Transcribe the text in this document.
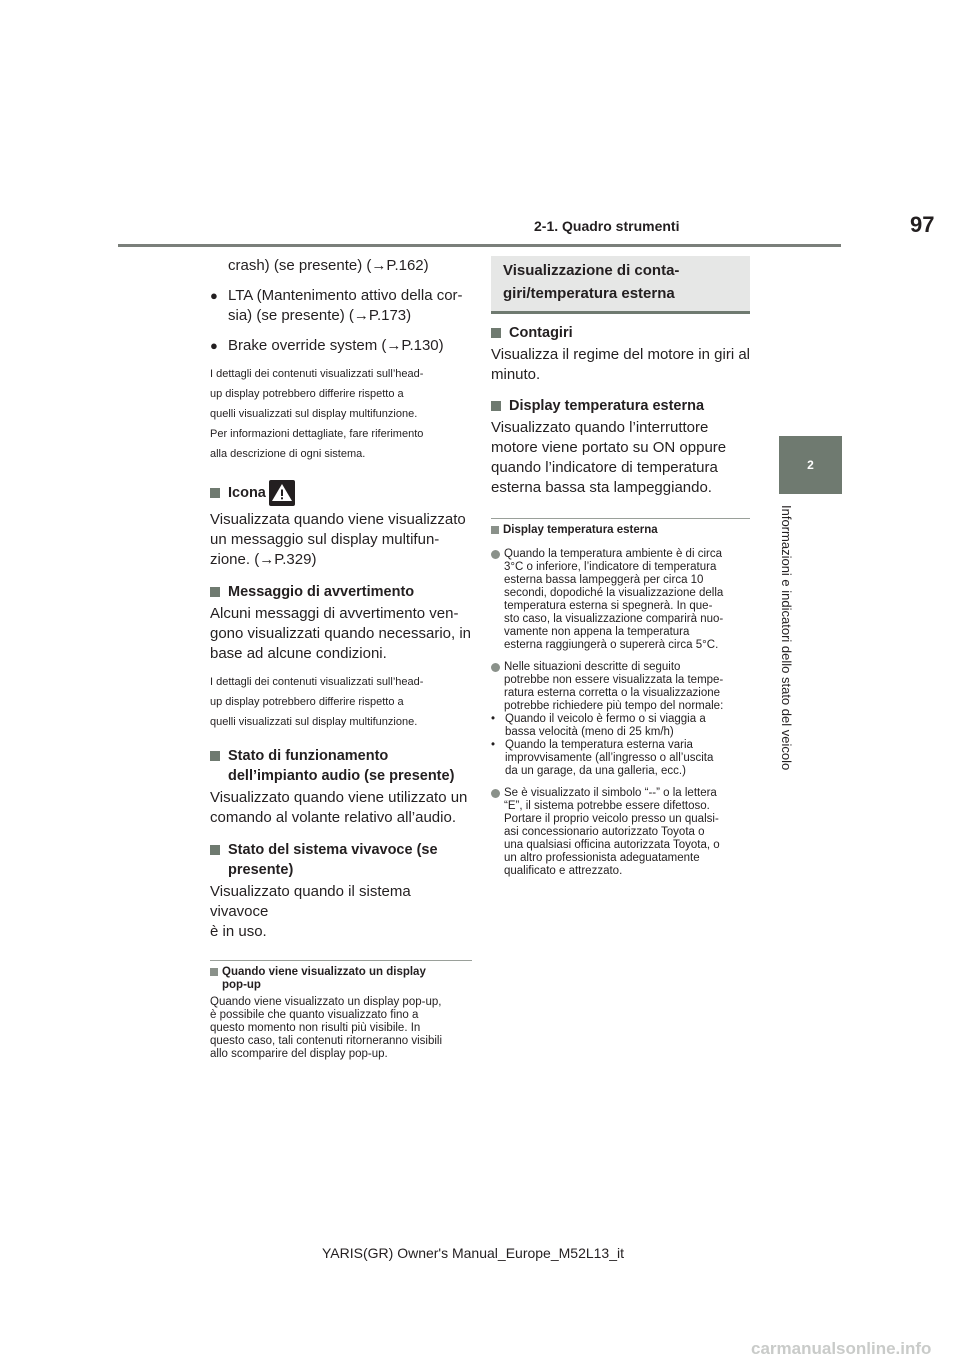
2-1. Quadro strumenti	97
2
Informazioni e indicatori dello stato del veicolo

crash) (se presente) (→P.162)

● LTA (Mantenimento attivo della cor-
sia) (se presente) (→P.173)
● Brake override system (→P.130)

I dettagli dei contenuti visualizzati sull’head-

up display potrebbero differire rispetto a

quelli visualizzati sul display multifunzione.

Per informazioni dettagliate, fare riferimento

alla descrizione di ogni sistema.

Icona

Visualizzata quando viene visualizzato

un messaggio sul display multifun-

zione. (→P.329)

Messaggio di avvertimento

Alcuni messaggi di avvertimento ven-

gono visualizzati quando necessario, in

base ad alcune condizioni.

I dettagli dei contenuti visualizzati sull’head-

up display potrebbero differire rispetto a

quelli visualizzati sul display multifunzione.

Stato di funzionamento
dell’impianto audio (se presente)

Visualizzato quando viene utilizzato un

comando al volante relativo all’audio.

Stato del sistema vivavoce (se
presente)

Visualizzato quando il sistema vivavoce

è in uso.

Quando viene visualizzato un display
pop-up

Quando viene visualizzato un display pop-up,

è possibile che quanto visualizzato fino a

questo momento non risulti più visibile. In

questo caso, tali contenuti ritorneranno visibili

allo scomparire del display pop-up.

Visualizzazione di conta-
giri/temperatura esterna
Contagiri

Visualizza il regime del motore in giri al

minuto.

Display temperatura esterna

Visualizzato quando l’interruttore

motore viene portato su ON oppure

quando l’indicatore di temperatura

esterna bassa sta lampeggiando.

Display temperatura esterna
Quando la temperatura ambiente è di circa
3°C o inferiore, l’indicatore di temperatura
esterna bassa lampeggerà per circa 10
secondi, dopodiché la visualizzazione della
temperatura esterna si spegnerà. In que-
sto caso, la visualizzazione comparirà nuo-
vamente non appena la temperatura
esterna raggiungerà o supererà circa 5°C.
Nelle situazioni descritte di seguito
potrebbe non essere visualizzata la tempe-
ratura esterna corretta o la visualizzazione
potrebbe richiedere più tempo del normale:
• Quando il veicolo è fermo o si viaggia a
bassa velocità (meno di 25 km/h)
• Quando la temperatura esterna varia
improvvisamente (all’ingresso o all’uscita
da un garage, da una galleria, ecc.)
Se è visualizzato il simbolo “--” o la lettera
“E”, il sistema potrebbe essere difettoso.
Portare il proprio veicolo presso un qualsi-
asi concessionario autorizzato Toyota o
una qualsiasi officina autorizzata Toyota, o
un altro professionista adeguatamente
qualificato e attrezzato.
YARIS(GR) Owner's Manual_Europe_M52L13_it
carmanualsonline.info
